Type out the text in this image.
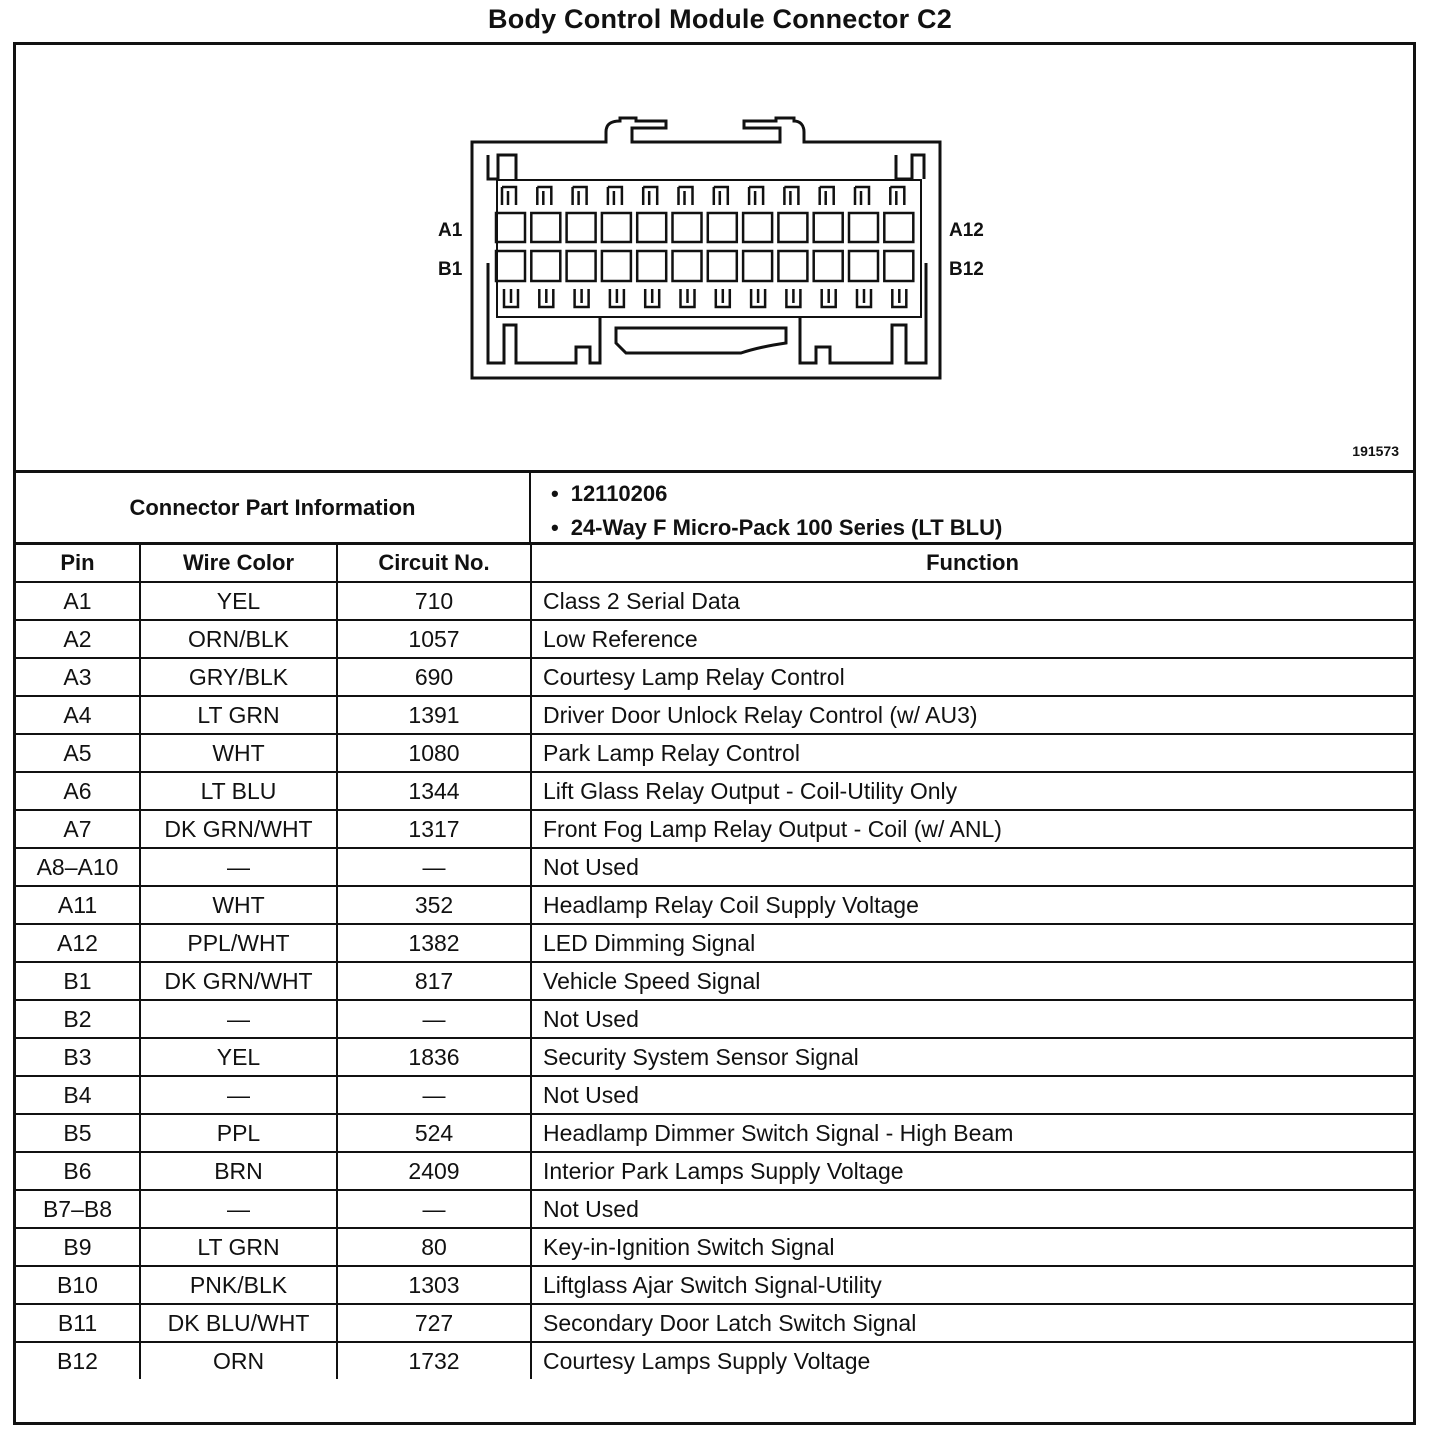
Body Control Module Connector C2
A1	A12
B1	B12
191573
Connector Part Information
• 12110206
• 24-Way F Micro-Pack 100 Series (LT BLU)
Pin	Wire Color	Circuit No.	Function
A1	YEL	710	Class 2 Serial Data
A2	ORN/BLK	1057	Low Reference
A3	GRY/BLK	690	Courtesy Lamp Relay Control
A4	LT GRN	1391	Driver Door Unlock Relay Control (w/ AU3)
A5	WHT	1080	Park Lamp Relay Control
A6	LT BLU	1344	Lift Glass Relay Output - Coil-Utility Only
A7	DK GRN/WHT	1317	Front Fog Lamp Relay Output - Coil (w/ ANL)
A8–A10	—	—	Not Used
A11	WHT	352	Headlamp Relay Coil Supply Voltage
A12	PPL/WHT	1382	LED Dimming Signal
B1	DK GRN/WHT	817	Vehicle Speed Signal
B2	—	—	Not Used
B3	YEL	1836	Security System Sensor Signal
B4	—	—	Not Used
B5	PPL	524	Headlamp Dimmer Switch Signal - High Beam
B6	BRN	2409	Interior Park Lamps Supply Voltage
B7–B8	—	—	Not Used
B9	LT GRN	80	Key-in-Ignition Switch Signal
B10	PNK/BLK	1303	Liftglass Ajar Switch Signal-Utility
B11	DK BLU/WHT	727	Secondary Door Latch Switch Signal
B12	ORN	1732	Courtesy Lamps Supply Voltage
